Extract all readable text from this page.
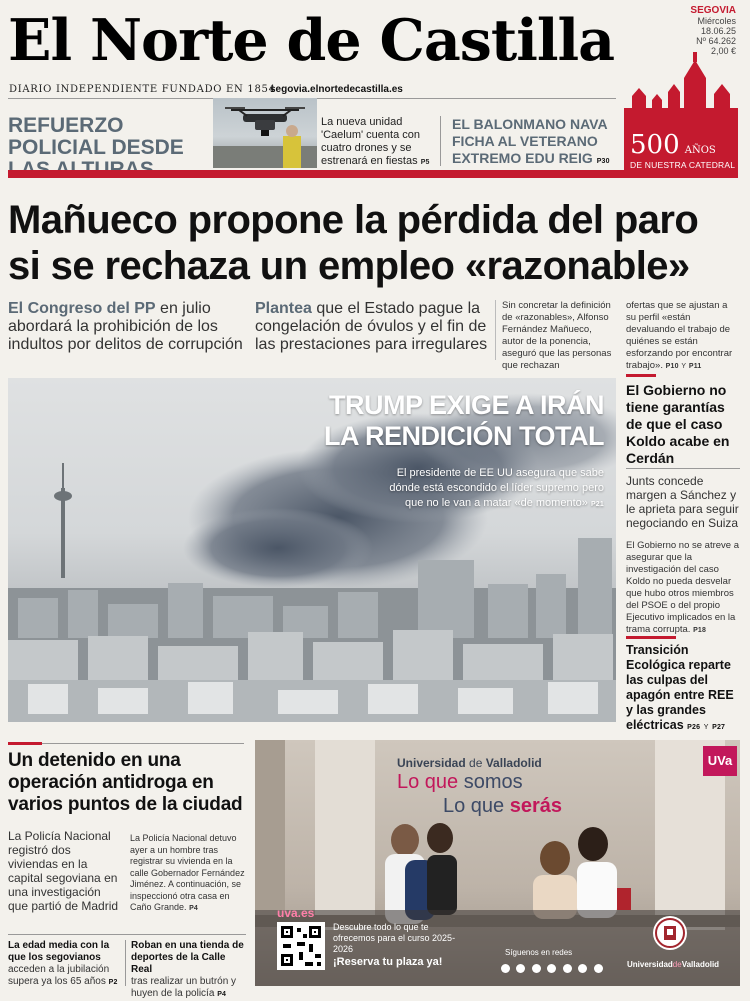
El Norte de Castilla
DIARIO INDEPENDIENTE FUNDADO EN 1854
segovia.elnortedecastilla.es
SEGOVIA
Miércoles
18.06.25
Nº 64.262
2,00 €
REFUERZO POLICIAL DESDE
La nueva unidad 'Caelum' cuenta con cuatro drones y se estrenará en fiestas P5
EL BALONMANO NAVA FICHA AL VETERANO EXTREMO EDU REIG P30
500 AÑOS
DE NUESTRA CATEDRAL
Mañueco propone la pérdida del paro
si se rechaza un empleo «razonable»
El Congreso del PP en julio abordará la prohibición de los indultos por delitos de corrupción
Plantea que el Estado pague la congelación de óvulos y el fin de las prestaciones para irregulares
Sin concretar la definición de «razonables», Alfonso Fernández Mañueco, autor de la ponencia, aseguró que las personas que rechazan
ofertas que se ajustan a su perfil «están devaluando el trabajo de quiénes se están esforzando por encontrar trabajo». P10 Y P11
TRUMP EXIGE A IRÁN
LA RENDICIÓN TOTAL
El presidente de EE UU asegura que sabe dónde está escondido el líder supremo pero que no le van a matar «de momento» P21
El Gobierno no tiene garantías de que el caso Koldo acabe en Cerdán
Junts concede margen a Sánchez y le aprieta para seguir negociando en Suiza
El Gobierno no se atreve a asegurar que la investigación del caso Koldo no pueda desvelar que hubo otros miembros del PSOE o del propio Ejecutivo implicados en la trama corrupta. P18
Transición Ecológica reparte las culpas del apagón entre REE y las grandes eléctricas P26 Y P27
Un detenido en una operación antidroga en varios puntos de la ciudad
La Policía Nacional registró dos viviendas en la capital segoviana en una investigación que partió de Madrid
La Policía Nacional detuvo ayer a un hombre tras registrar su vivienda en la calle Gobernador Fernández Jiménez. A continuación, se inspeccionó otra casa en Caño Grande. P4
La edad media con la que los segovianos
acceden a la jubilación supera ya los 65 años P2
Roban en una tienda de deportes de la Calle Real
tras realizar un butrón y huyen de la policía P4
Universidad de Valladolid
Lo que somos
Lo que serás
UVa
uva.es
Descubre todo lo que te ofrecemos para el curso 2025-2026
¡Reserva tu plaza ya!
Síguenos en redes

UniversidaddeValladolid
